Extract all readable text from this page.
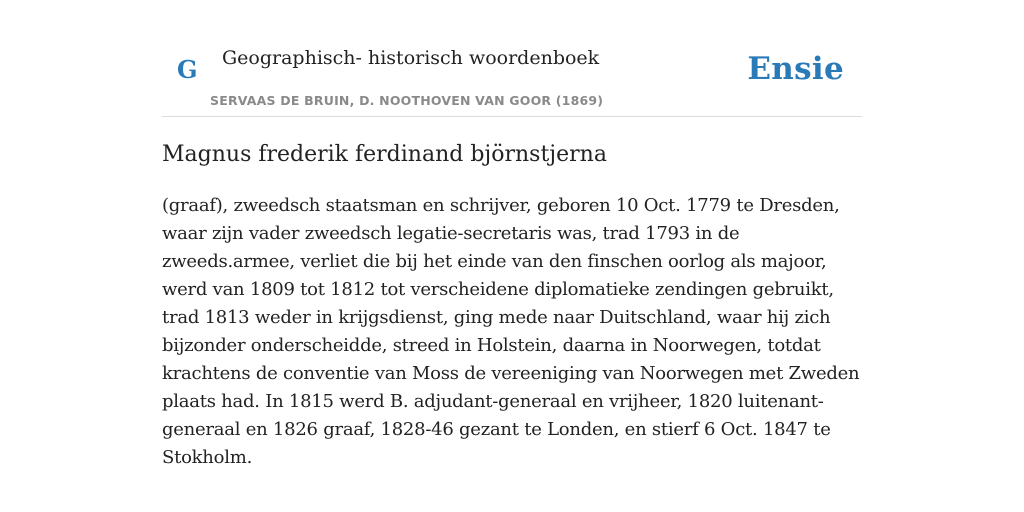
G Geographisch- historisch woordenboek
SERVAAS DE BRUIN, D. NOOTHOVEN VAN GOOR (1869)
Ensie
Magnus frederik ferdinand björnstjerna

(graaf), zweedsch staatsman en schrijver, geboren 10 Oct. 1779 te Dresden, waar zijn vader zweedsch legatie-secretaris was, trad 1793 in de zweeds.armee, verliet die bij het einde van den finschen oorlog als majoor, werd van 1809 tot 1812 tot verscheidene diplomatieke zendingen gebruikt, trad 1813 weder in krijgsdienst, ging mede naar Duitschland, waar hij zich bijzonder onderscheidde, streed in Holstein, daarna in Noorwegen, totdat krachtens de conventie van Moss de vereeniging van Noorwegen met Zweden plaats had. In 1815 werd B. adjudant-generaal en vrijheer, 1820 luitenant-generaal en 1826 graaf, 1828-46 gezant te Londen, en stierf 6 Oct. 1847 te Stokholm.
